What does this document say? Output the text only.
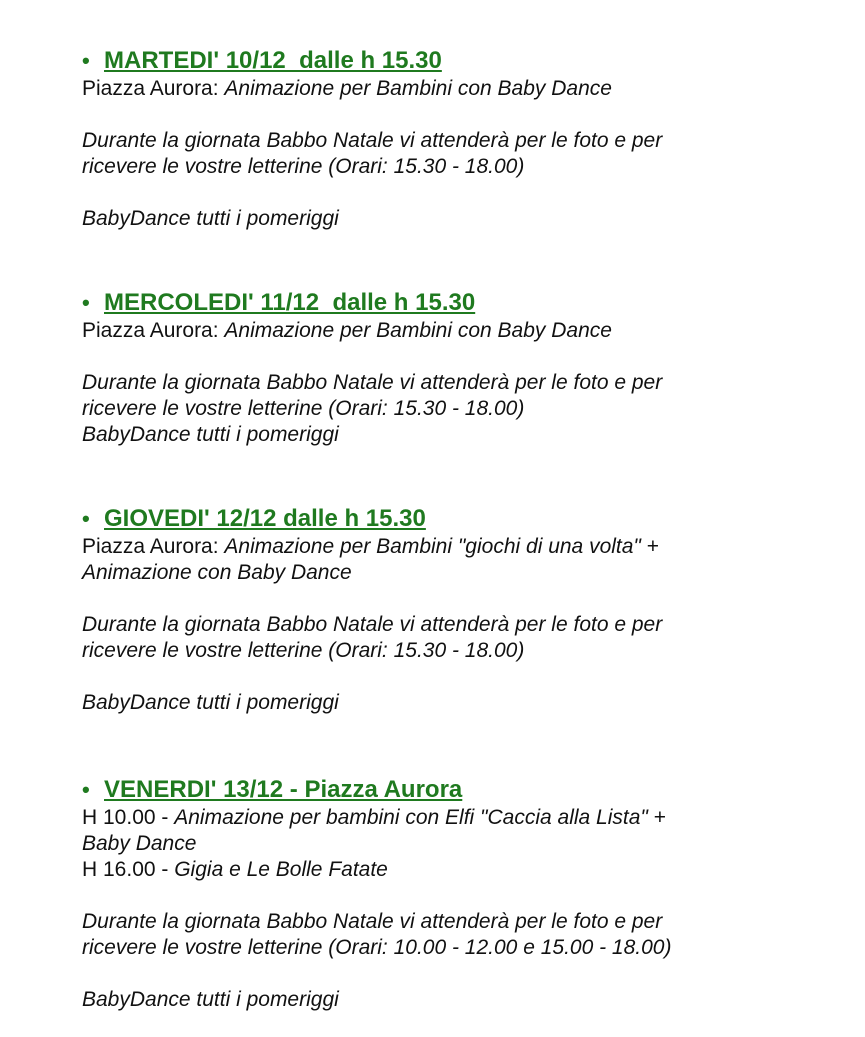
• MARTEDI' 10/12  dalle h 15.30
Piazza Aurora: Animazione per Bambini con Baby Dance
Durante la giornata Babbo Natale vi attenderà per le foto e per
ricevere le vostre letterine (Orari: 15.30 - 18.00)
BabyDance tutti i pomeriggi
• MERCOLEDI' 11/12  dalle h 15.30
Piazza Aurora: Animazione per Bambini con Baby Dance
Durante la giornata Babbo Natale vi attenderà per le foto e per
ricevere le vostre letterine (Orari: 15.30 - 18.00)
BabyDance tutti i pomeriggi
• GIOVEDI' 12/12 dalle h 15.30
Piazza Aurora: Animazione per Bambini "giochi di una volta" +
Animazione con Baby Dance
Durante la giornata Babbo Natale vi attenderà per le foto e per
ricevere le vostre letterine (Orari: 15.30 - 18.00)
BabyDance tutti i pomeriggi
• VENERDI' 13/12 - Piazza Aurora
H 10.00 - Animazione per bambini con Elfi "Caccia alla Lista" +
Baby Dance
H 16.00 - Gigia e Le Bolle Fatate
Durante la giornata Babbo Natale vi attenderà per le foto e per
ricevere le vostre letterine (Orari: 10.00 - 12.00 e 15.00 - 18.00)
BabyDance tutti i pomeriggi
